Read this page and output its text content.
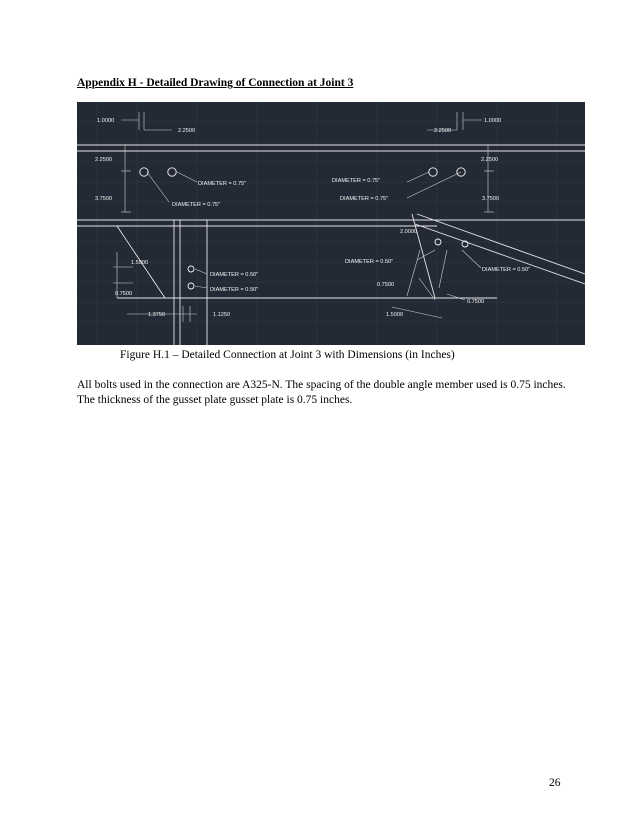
Appendix H - Detailed Drawing of Connection at Joint 3
1.0000
2.2500	2.2500
1.0000
2.2500	2.2500
3.7500	3.7500
DIAMETER = 0.75"
DIAMETER = 0.75"
DIAMETER = 0.75"
DIAMETER = 0.75"
2.0000
1.5000
0.7500
DIAMETER = 0.50"
DIAMETER = 0.50"
DIAMETER = 0.50"
DIAMETER = 0.50"
0.7500
0.7500
1.3750	1.1250	1.5000
Figure H.1 – Detailed Connection at Joint 3 with Dimensions (in Inches)
All bolts used in the connection are A325-N. The spacing of the double angle member used is 0.75 inches. The thickness of the gusset plate gusset plate is 0.75 inches.
26
